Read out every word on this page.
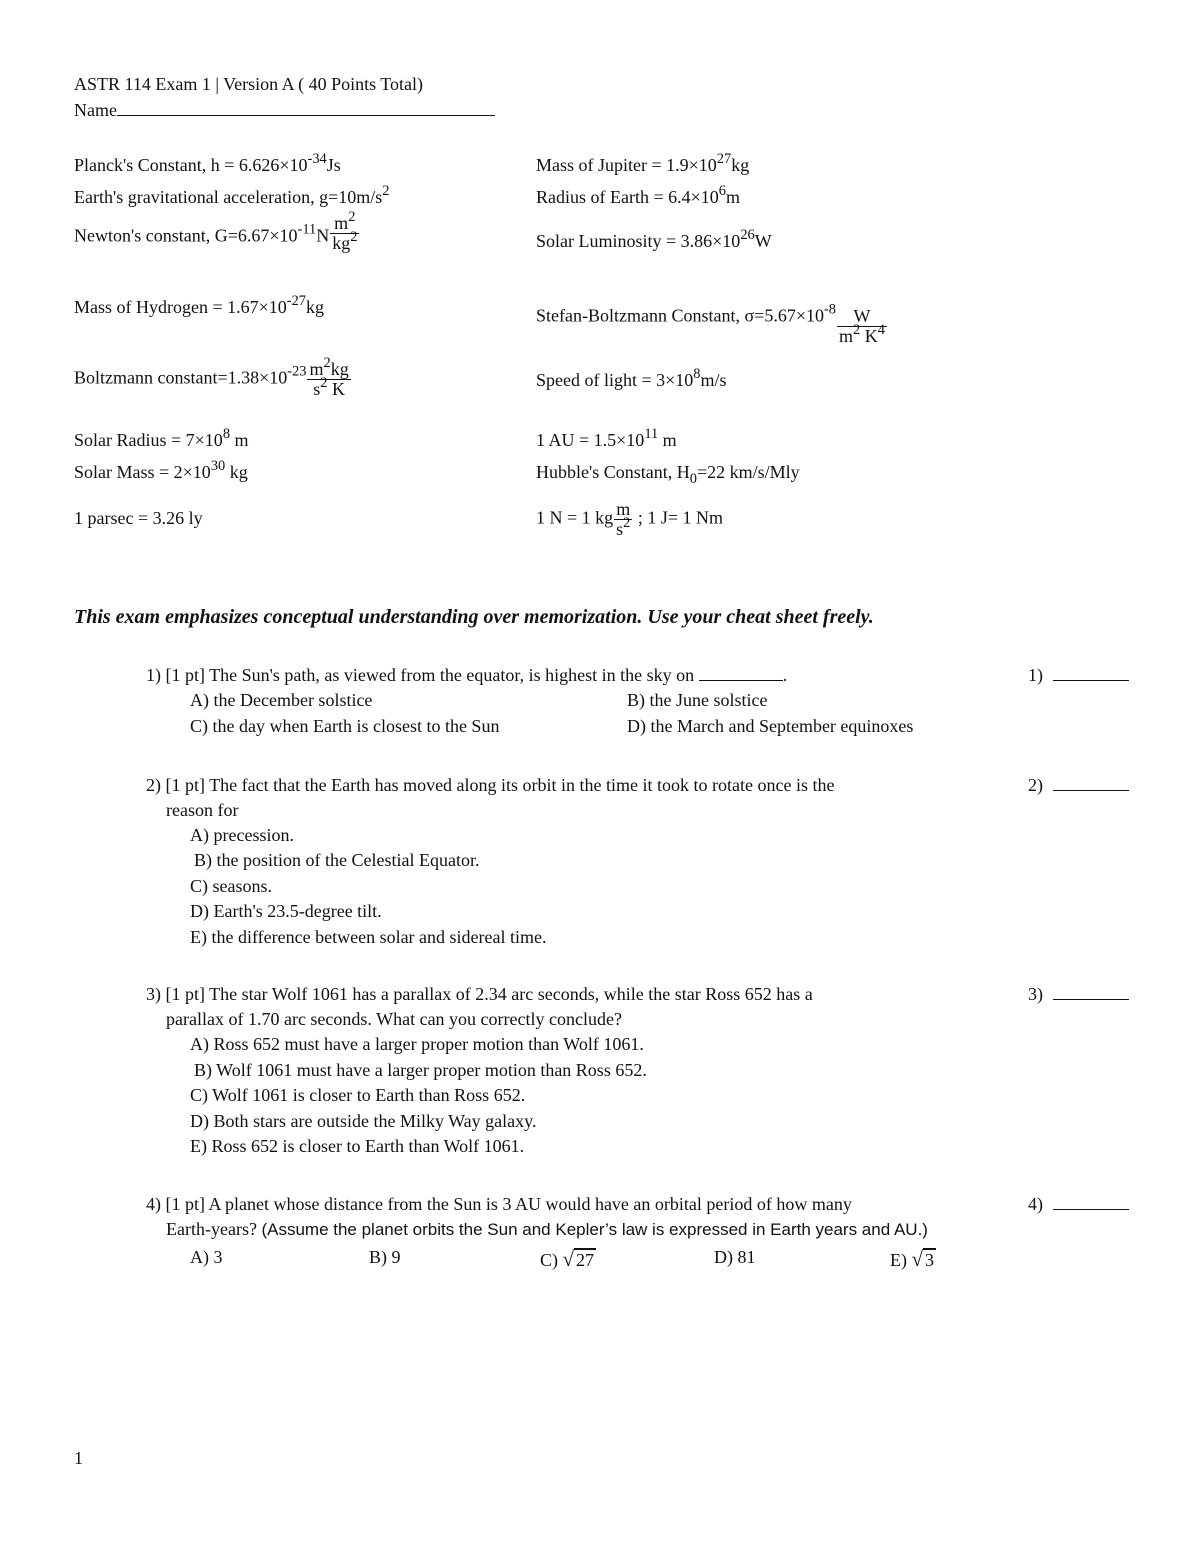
ASTR 114 Exam 1 | Version A ( 40 Points Total)
Name
Planck's Constant, $h = 6.626\times 10^{-34}Js$
Earth's gravitational acceleration, $g=10m/s^2$
Newton's constant, $G=6.67\times 10^{-11}N \frac{m^2}{kg^2}$
Mass of Hydrogen = $1.67\times 10^{-27}kg$
Boltzmann $constant=1.38\times 10^{-23} \frac{m^2kg}{s^2 K}$
Solar Radius = $7\times 10^8$ m
Solar Mass = $2\times 10^{30}$ kg
1 parsec = 3.26 ly
Mass of Jupiter = $1.9\times 10^{27}kg$
Radius of Earth = $6.4\times 10^6m$
Solar Luminosity = $3.86\times 10^{26}W$
Stefan-Boltzmann Constant, $\sigma=5.67\times 10^{-8} \frac{W}{m^2 K^4}$
Speed of light = $3\times 10^8m/s$
1 AU = $1.5\times 10^{11}$ m
Hubble's Constant, $H_0=22$ km/s/Mly
1 N = 1 kg $\frac{m}{s^2}$ ; 1 J= 1 Nm
This exam emphasizes conceptual understanding over memorization. Use your cheat sheet freely.
1) [1 pt] The Sun's path, as viewed from the equator, is highest in the sky on	.	1)
A) the December solstice	B) the June solstice
C) the day when Earth is closest to the Sun	D) the March and September equinoxes
2) [1 pt] The fact that the Earth has moved along its orbit in the time it took to rotate once is the	2)
reason for
A) precession.
B) the position of the Celestial Equator.
C) seasons.
D) Earth's 23.5-degree tilt.
E) the difference between solar and sidereal time.
3) [1 pt] The star Wolf 1061 has a parallax of 2.34 arc seconds, while the star Ross 652 has a	3)
parallax of 1.70 arc seconds. What can you correctly conclude?
A) Ross 652 must have a larger proper motion than Wolf 1061.
B) Wolf 1061 must have a larger proper motion than Ross 652.
C) Wolf 1061 is closer to Earth than Ross 652.
D) Both stars are outside the Milky Way galaxy.
E) Ross 652 is closer to Earth than Wolf 1061.
4) [1 pt] A planet whose distance from the Sun is 3 AU would have an orbital period of how many	4)
Earth-years? (Assume the planet orbits the Sun and Kepler’s law is expressed in Earth years and AU.)
A) 3	B) 9	C) √ 27	D) 81	E) √ 3
1
